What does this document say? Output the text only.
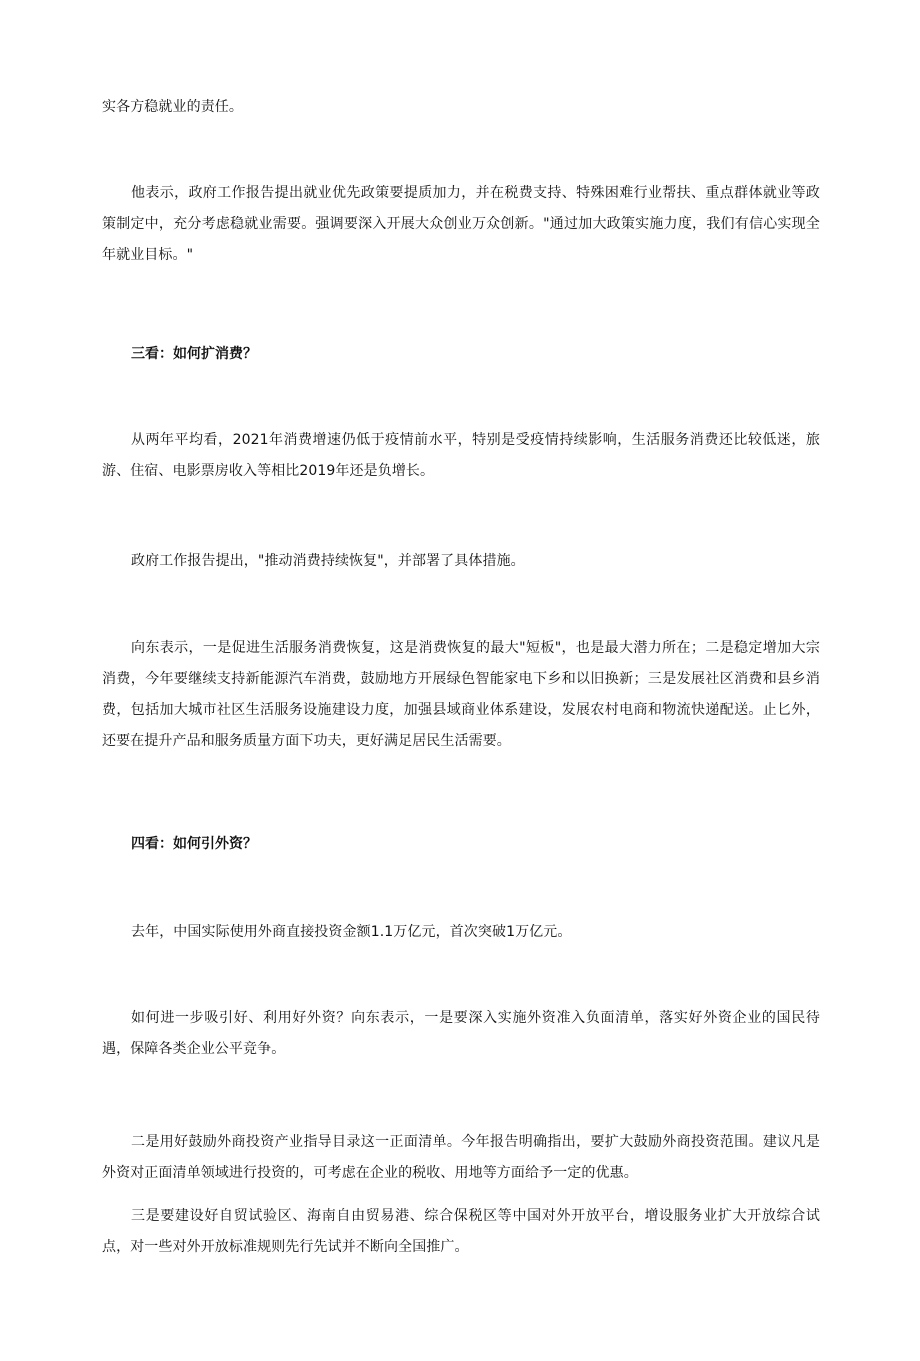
实各方稳就业的责任。

他表示，政府工作报告提出就业优先政策要提质加力，并在税费支持、特殊困难行业帮扶、重点群体就业等政策制定中，充分考虑稳就业需要。强调要深入开展大众创业万众创新。"通过加大政策实施力度，我们有信心实现全年就业目标。"

三看：如何扩消费？

从两年平均看，2021年消费增速仍低于疫情前水平，特别是受疫情持续影响，生活服务消费还比较低迷，旅游、住宿、电影票房收入等相比2019年还是负增长。

政府工作报告提出，"推动消费持续恢复"，并部署了具体措施。

向东表示，一是促进生活服务消费恢复，这是消费恢复的最大"短板"，也是最大潜力所在；二是稳定增加大宗消费，今年要继续支持新能源汽车消费，鼓励地方开展绿色智能家电下乡和以旧换新；三是发展社区消费和县乡消费，包括加大城市社区生活服务设施建设力度，加强县域商业体系建设，发展农村电商和物流快递配送。止匕外，还要在提升产品和服务质量方面下功夫，更好满足居民生活需要。

四看：如何引外资？

去年，中国实际使用外商直接投资金额1.1万亿元，首次突破1万亿元。

如何进一步吸引好、利用好外资？向东表示，一是要深入实施外资准入负面清单，落实好外资企业的国民待遇，保障各类企业公平竞争。

二是用好鼓励外商投资产业指导目录这一正面清单。今年报告明确指出，要扩大鼓励外商投资范围。建议凡是外资对正面清单领域进行投资的，可考虑在企业的税收、用地等方面给予一定的优惠。

三是要建设好自贸试验区、海南自由贸易港、综合保税区等中国对外开放平台，增设服务业扩大开放综合试点，对一些对外开放标准规则先行先试并不断向全国推广。
